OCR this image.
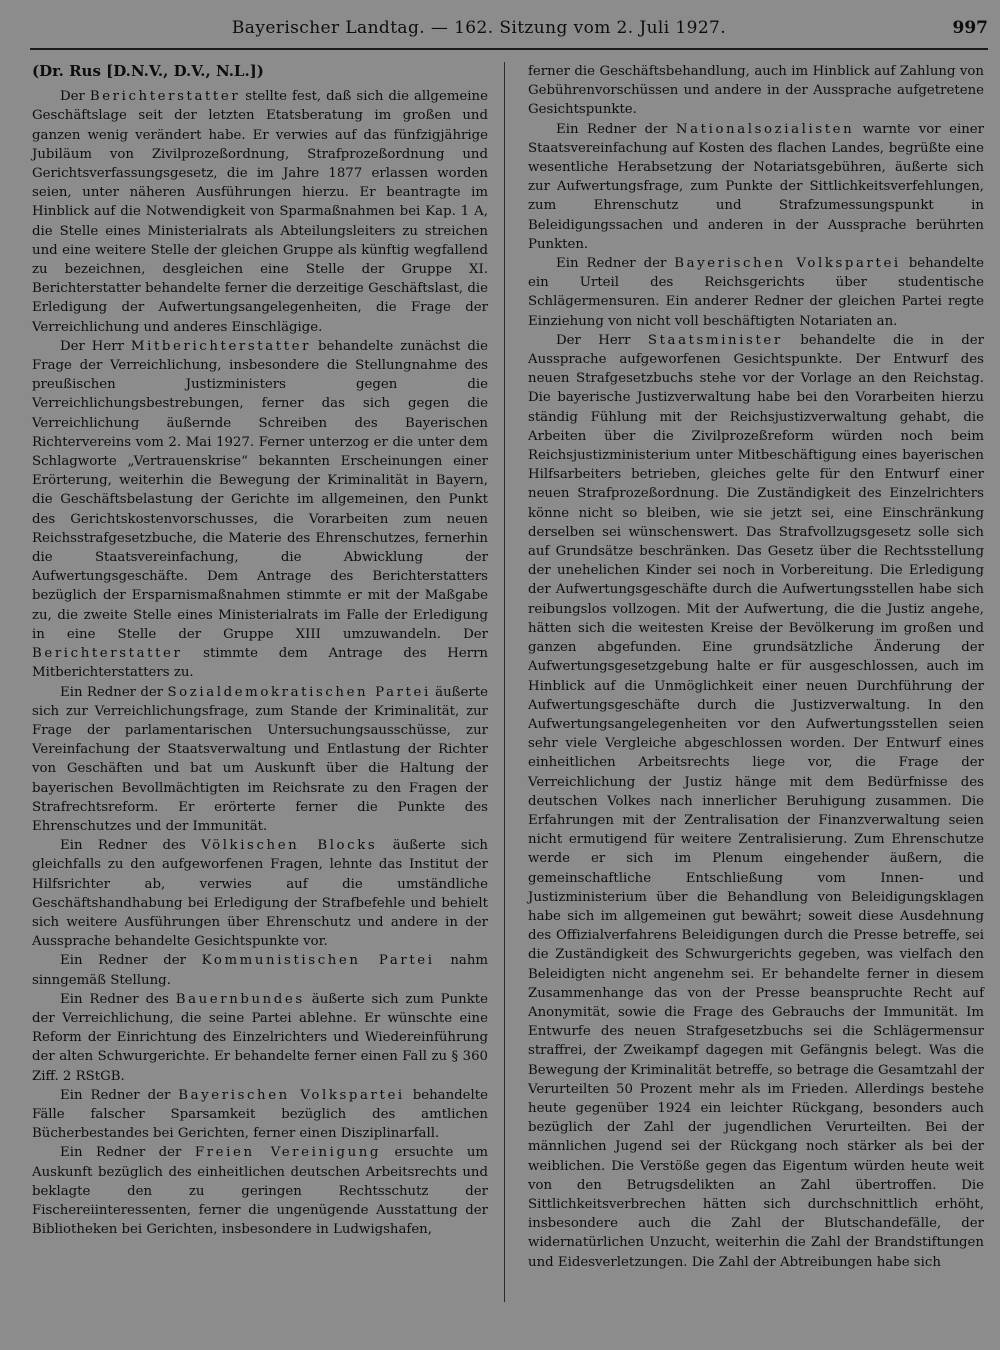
Bayerischer Landtag. — 162. Sitzung vom 2. Juli 1927.	997
(Dr. Rus [D.N.V., D.V., N.L.])

Der Berichterstatter stellte fest, daß sich die allgemeine Geschäftslage seit der letzten Etatsberatung im großen und ganzen wenig verändert habe. Er verwies auf das fünfzigjährige Jubiläum von Zivilprozeßordnung, Strafprozeßordnung und Gerichtsverfassungsgesetz, die im Jahre 1877 erlassen worden seien, unter näheren Ausführungen hierzu. Er beantragte im Hinblick auf die Notwendigkeit von Sparmaßnahmen bei Kap. 1 A, die Stelle eines Ministerialrats als Abteilungsleiters zu streichen und eine weitere Stelle der gleichen Gruppe als künftig wegfallend zu bezeichnen, desgleichen eine Stelle der Gruppe XI. Berichterstatter behandelte ferner die derzeitige Geschäftslast, die Erledigung der Aufwertungsangelegenheiten, die Frage der Verreichlichung und anderes Einschlägige.

Der Herr Mitberichterstatter behandelte zunächst die Frage der Verreichlichung, insbesondere die Stellungnahme des preußischen Justizministers gegen die Verreichlichungsbestrebungen, ferner das sich gegen die Verreichlichung äußernde Schreiben des Bayerischen Richtervereins vom 2. Mai 1927. Ferner unterzog er die unter dem Schlagworte „Vertrauenskrise“ bekannten Erscheinungen einer Erörterung, weiterhin die Bewegung der Kriminalität in Bayern, die Geschäftsbelastung der Gerichte im allgemeinen, den Punkt des Gerichtskostenvorschusses, die Vorarbeiten zum neuen Reichsstrafgesetzbuche, die Materie des Ehrenschutzes, fernerhin die Staatsvereinfachung, die Abwicklung der Aufwertungsgeschäfte. Dem Antrage des Berichterstatters bezüglich der Ersparnismaßnahmen stimmte er mit der Maßgabe zu, die zweite Stelle eines Ministerialrats im Falle der Erledigung in eine Stelle der Gruppe XIII umzuwandeln. Der Berichterstatter stimmte dem Antrage des Herrn Mitberichterstatters zu.

Ein Redner der Sozialdemokratischen Partei äußerte sich zur Verreichlichungsfrage, zum Stande der Kriminalität, zur Frage der parlamentarischen Untersuchungsausschüsse, zur Vereinfachung der Staatsverwaltung und Entlastung der Richter von Geschäften und bat um Auskunft über die Haltung der bayerischen Bevollmächtigten im Reichsrate zu den Fragen der Strafrechtsreform. Er erörterte ferner die Punkte des Ehrenschutzes und der Immunität.

Ein Redner des Völkischen Blocks äußerte sich gleichfalls zu den aufgeworfenen Fragen, lehnte das Institut der Hilfsrichter ab, verwies auf die umständliche Geschäftshandhabung bei Erledigung der Strafbefehle und behielt sich weitere Ausführungen über Ehrenschutz und andere in der Aussprache behandelte Gesichtspunkte vor.

Ein Redner der Kommunistischen Partei nahm sinngemäß Stellung.

Ein Redner des Bauernbundes äußerte sich zum Punkte der Verreichlichung, die seine Partei ablehne. Er wünschte eine Reform der Einrichtung des Einzelrichters und Wiedereinführung der alten Schwurgerichte. Er behandelte ferner einen Fall zu § 360 Ziff. 2 RStGB.

Ein Redner der Bayerischen Volkspartei behandelte Fälle falscher Sparsamkeit bezüglich des amtlichen Bücherbestandes bei Gerichten, ferner einen Disziplinarfall.

Ein Redner der Freien Vereinigung ersuchte um Auskunft bezüglich des einheitlichen deutschen Arbeitsrechts und beklagte den zu geringen Rechtsschutz der Fischereiinteressenten, ferner die ungenügende Ausstattung der Bibliotheken bei Gerichten, insbesondere in Ludwigshafen,

ferner die Geschäftsbehandlung, auch im Hinblick auf Zahlung von Gebührenvorschüssen und andere in der Aussprache aufgetretene Gesichtspunkte.

Ein Redner der Nationalsozialisten warnte vor einer Staatsvereinfachung auf Kosten des flachen Landes, begrüßte eine wesentliche Herabsetzung der Notariatsgebühren, äußerte sich zur Aufwertungsfrage, zum Punkte der Sittlichkeitsverfehlungen, zum Ehrenschutz und Strafzumessungspunkt in Beleidigungssachen und anderen in der Aussprache berührten Punkten.

Ein Redner der Bayerischen Volkspartei behandelte ein Urteil des Reichsgerichts über studentische Schlägermensuren. Ein anderer Redner der gleichen Partei regte Einziehung von nicht voll beschäftigten Notariaten an.

Der Herr Staatsminister behandelte die in der Aussprache aufgeworfenen Gesichtspunkte. Der Entwurf des neuen Strafgesetzbuchs stehe vor der Vorlage an den Reichstag. Die bayerische Justizverwaltung habe bei den Vorarbeiten hierzu ständig Fühlung mit der Reichsjustizverwaltung gehabt, die Arbeiten über die Zivilprozeßreform würden noch beim Reichsjustizministerium unter Mitbeschäftigung eines bayerischen Hilfsarbeiters betrieben, gleiches gelte für den Entwurf einer neuen Strafprozeßordnung. Die Zuständigkeit des Einzelrichters könne nicht so bleiben, wie sie jetzt sei, eine Einschränkung derselben sei wünschenswert. Das Strafvollzugsgesetz solle sich auf Grundsätze beschränken. Das Gesetz über die Rechtsstellung der unehelichen Kinder sei noch in Vorbereitung. Die Erledigung der Aufwertungsgeschäfte durch die Aufwertungsstellen habe sich reibungslos vollzogen. Mit der Aufwertung, die die Justiz angehe, hätten sich die weitesten Kreise der Bevölkerung im großen und ganzen abgefunden. Eine grundsätzliche Änderung der Aufwertungsgesetzgebung halte er für ausgeschlossen, auch im Hinblick auf die Unmöglichkeit einer neuen Durchführung der Aufwertungsgeschäfte durch die Justizverwaltung. In den Aufwertungsangelegenheiten vor den Aufwertungsstellen seien sehr viele Vergleiche abgeschlossen worden. Der Entwurf eines einheitlichen Arbeitsrechts liege vor, die Frage der Verreichlichung der Justiz hänge mit dem Bedürfnisse des deutschen Volkes nach innerlicher Beruhigung zusammen. Die Erfahrungen mit der Zentralisation der Finanzverwaltung seien nicht ermutigend für weitere Zentralisierung. Zum Ehrenschutze werde er sich im Plenum eingehender äußern, die gemeinschaftliche Entschließung vom Innen- und Justizministerium über die Behandlung von Beleidigungsklagen habe sich im allgemeinen gut bewährt; soweit diese Ausdehnung des Offizialverfahrens Beleidigungen durch die Presse betreffe, sei die Zuständigkeit des Schwurgerichts gegeben, was vielfach den Beleidigten nicht angenehm sei. Er behandelte ferner in diesem Zusammenhange das von der Presse beanspruchte Recht auf Anonymität, sowie die Frage des Gebrauchs der Immunität. Im Entwurfe des neuen Strafgesetzbuchs sei die Schlägermensur straffrei, der Zweikampf dagegen mit Gefängnis belegt. Was die Bewegung der Kriminalität betreffe, so betrage die Gesamtzahl der Verurteilten 50 Prozent mehr als im Frieden. Allerdings bestehe heute gegenüber 1924 ein leichter Rückgang, besonders auch bezüglich der Zahl der jugendlichen Verurteilten. Bei der männlichen Jugend sei der Rückgang noch stärker als bei der weiblichen. Die Verstöße gegen das Eigentum würden heute weit von den Betrugsdelikten an Zahl übertroffen. Die Sittlichkeitsverbrechen hätten sich durchschnittlich erhöht, insbesondere auch die Zahl der Blutschandefälle, der widernatürlichen Unzucht, weiterhin die Zahl der Brandstiftungen und Eidesverletzungen. Die Zahl der Abtreibungen habe sich
